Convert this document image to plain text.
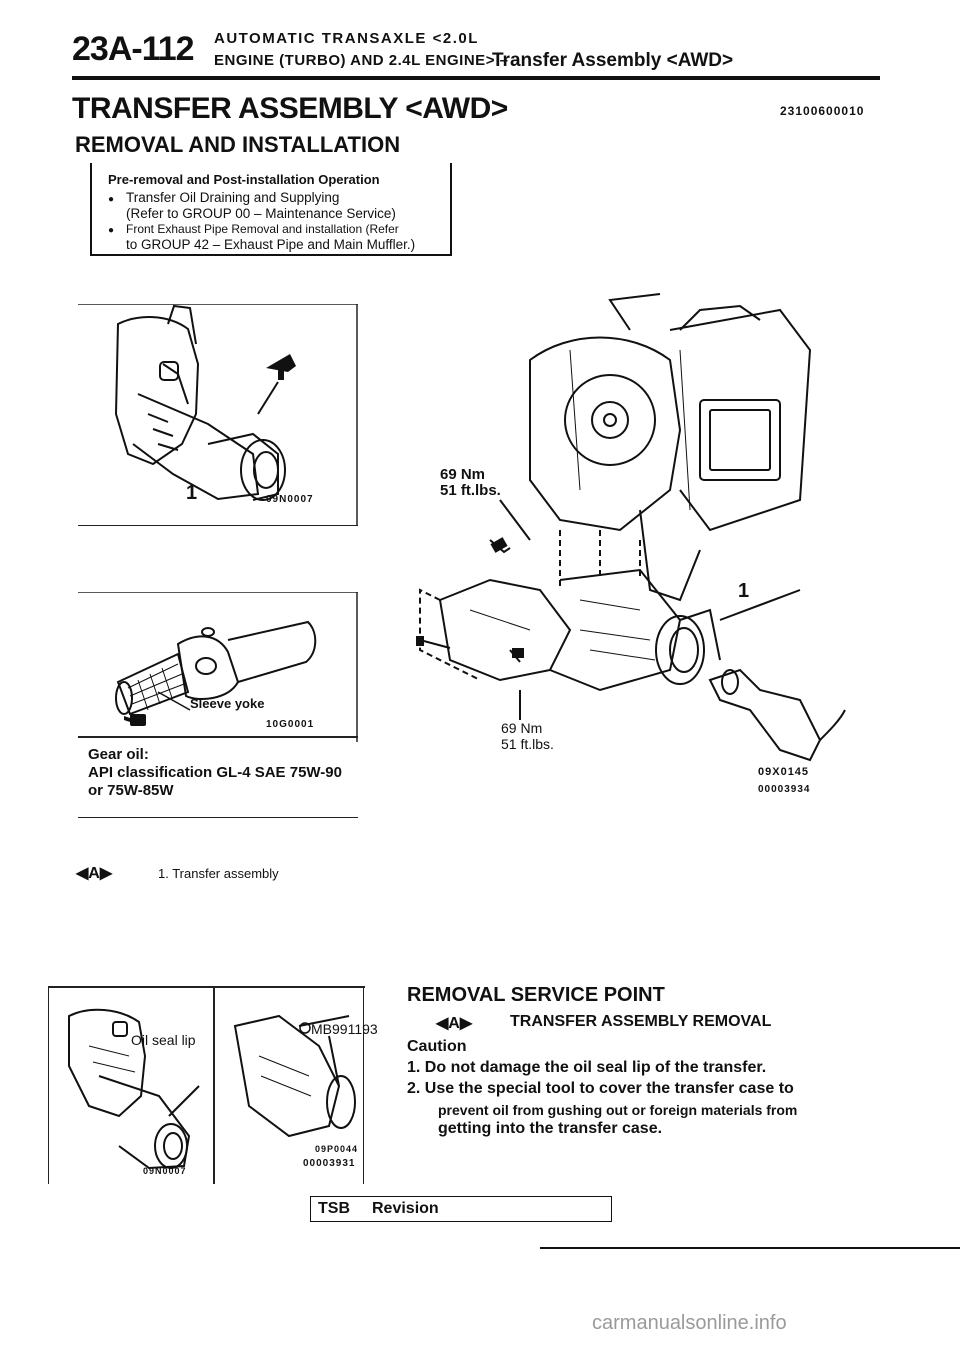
23A-112 AUTOMATIC TRANSAXLE <2.0L
ENGINE (TURBO) AND 2.4L ENGINE> –
Transfer Assembly <AWD>
TRANSFER ASSEMBLY <AWD>	23100600010
REMOVAL AND INSTALLATION
Pre-removal and Post-installation Operation
● Transfer Oil Draining and Supplying
(Refer to GROUP 00 – Maintenance Service)
● Front Exhaust Pipe Removal and installation (Refer
to GROUP 42 – Exhaust Pipe and Main Muffler.)
1	09N0007
Sleeve yoke
10G0001
Gear oil:
API classification GL-4 SAE 75W-90
or 75W-85W
69 Nm
51 ft.lbs.
1
69 Nm
51 ft.lbs.
09X0145
00003934
◀A▶	1. Transfer assembly
Oil seal lip
MB991193
09N0007
09P0044
00003931
REMOVAL SERVICE POINT
◀A▶ TRANSFER ASSEMBLY REMOVAL
Caution
1. Do not damage the oil seal lip of the transfer.
2. Use the special tool to cover the transfer case to
prevent oil from gushing out or foreign materials from
getting into the transfer case.
TSB Revision
carmanualsonline.info
